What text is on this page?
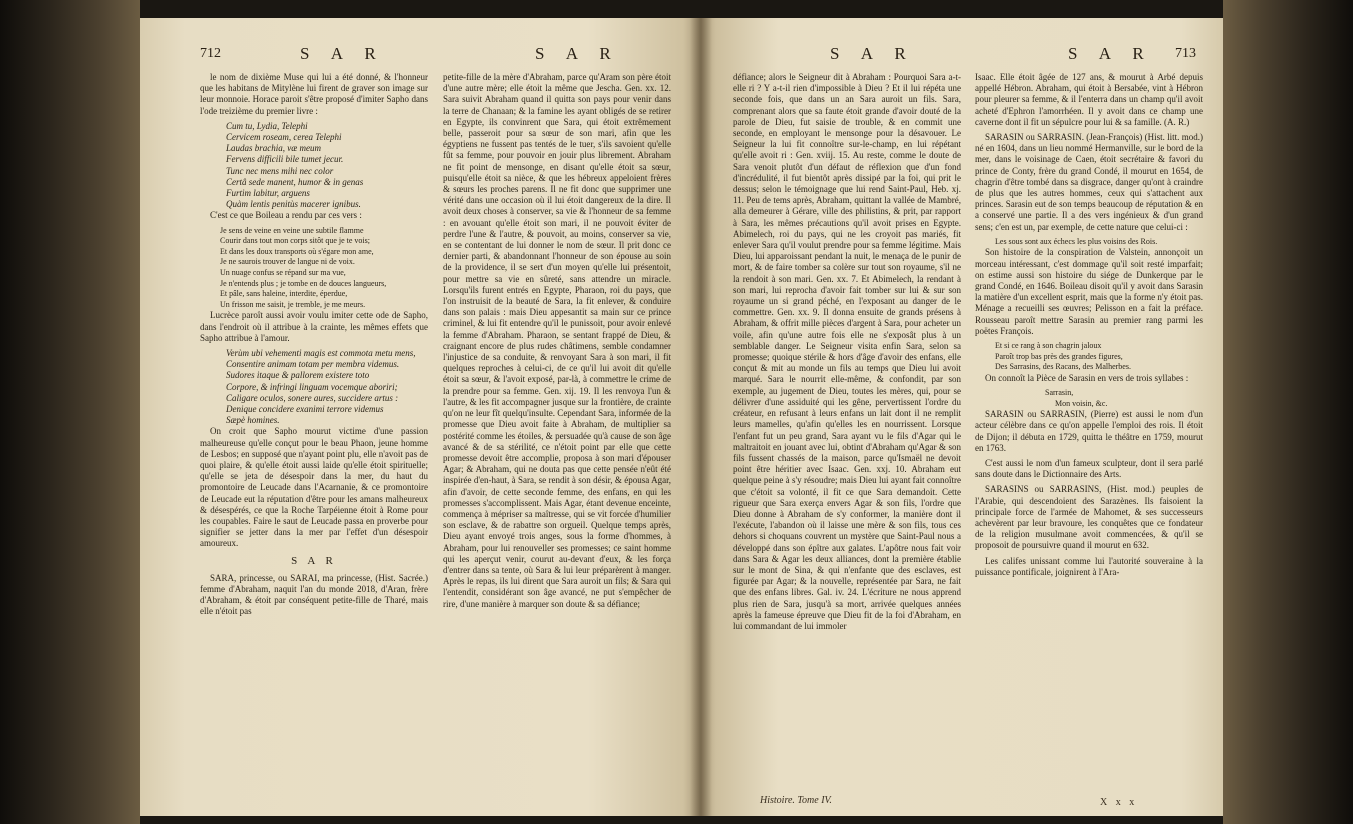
712	S A R	S A R

le nom de dixième Muse qui lui a été donné, & l'honneur que les habitans de Mitylène lui firent de graver son image sur leur monnoie. Horace paroit s'être proposé d'imiter Sapho dans l'ode treizième du premier livre :

Cum tu, Lydia, Telephi
Cervicem roseam, cerea Telephi
Laudas brachia, væ meum
Fervens difficili bile tumet jecur.
Tunc nec mens mihi nec color
Certâ sede manent, humor & in genas
Furtim labitur, arguens
Quàm lentis penitùs macerer ignibus.

C'est ce que Boileau a rendu par ces vers :

Je sens de veine en veine une subtile flamme
Courir dans tout mon corps sitôt que je te vois;
Et dans les doux transports où s'égare mon ame,
Je ne saurois trouver de langue ni de voix.
Un nuage confus se répand sur ma vue,
Je n'entends plus ; je tombe en de douces langueurs,
Et pâle, sans haleine, interdite, éperdue,
Un frisson me saisit, je tremble, je me meurs.

Lucrèce paroît aussi avoir voulu imiter cette ode de Sapho, dans l'endroit où il attribue à la crainte, les mêmes effets que Sapho attribue à l'amour.

Verùm ubi vehementi magis est commota metu mens,
Consentire animam totam per membra videmus.
Sudores itaque & pallorem existere toto
Corpore, & infringi linguam vocemque aboriri;
Caligare oculos, sonere aures, succidere artus :
Denique concidere exanimi terrore videmus
Sæpè homines.

On croit que Sapho mourut victime d'une passion malheureuse qu'elle conçut pour le beau Phaon, jeune homme de Lesbos; en supposé que n'ayant point plu, elle n'avoit pas de quoi plaire, & qu'elle étoit aussi laide qu'elle étoit spirituelle; qu'elle se jeta de désespoir dans la mer, du haut du promontoire de Leucade dans l'Acarnanie, & ce promontoire de Leucade eut la réputation d'être pour les amans malheureux & désespérés, ce que la Roche Tarpéienne étoit à Rome pour les coupables. Faire le saut de Leucade passa en proverbe pour signifier se jetter dans la mer par l'effet d'un désespoir amoureux.

S A R

SARA, princesse, ou SARAI, ma princesse, (Hist. Sacrée.) femme d'Abraham, naquit l'an du monde 2018, d'Aran, frère d'Abraham, & étoit par conséquent petite-fille de Tharé, mais elle n'étoit pas

petite-fille de la mère d'Abraham, parce qu'Aram son père étoit d'une autre mère; elle étoit la même que Jescha. Gen. xx. 12. Sara suivit Abraham quand il quitta son pays pour venir dans la terre de Chanaan; & la famine les ayant obligés de se retirer en Egypte, ils convinrent que Sara, qui étoit extrêmement belle, passeroit pour sa sœur de son mari, afin que les égyptiens ne fussent pas tentés de le tuer, s'ils savoient qu'elle fût sa femme, pour pouvoir en jouir plus librement. Abraham ne fit point de mensonge, en disant qu'elle étoit sa sœur, puisqu'elle étoit sa nièce, & que les hébreux appeloient frères & sœurs les proches parens. Il ne fit donc que supprimer une vérité dans une occasion où il lui étoit dangereux de la dire. Il avoit deux choses à conserver, sa vie & l'honneur de sa femme : en avouant qu'elle étoit son mari, il ne pouvoit éviter de perdre l'une & l'autre, & pouvoit, au moins, conserver sa vie, en se contentant de lui donner le nom de sœur. Il prit donc ce dernier parti, & abandonnant l'honneur de son épouse au soin de la providence, il se sert d'un moyen qu'elle lui présentoit, pour mettre sa vie en sûreté, sans attendre un miracle. Lorsqu'ils furent entrés en Egypte, Pharaon, roi du pays, que l'on instruisit de la beauté de Sara, la fit enlever, & conduire dans son palais : mais Dieu appesantit sa main sur ce prince criminel, & lui fit entendre qu'il le punissoit, pour avoir enlevé la femme d'Abraham. Pharaon, se sentant frappé de Dieu, & craignant encore de plus rudes châtimens, semble condamner l'injustice de sa conduite, & renvoyant Sara à son mari, il fit quelques reproches à celui-ci, de ce qu'il lui avoit dit qu'elle étoit sa sœur, & l'avoit exposé, par-là, à commettre le crime de la prendre pour sa femme. Gen. xij. 19. Il les renvoya l'un & l'autre, & les fit accompagner jusque sur la frontière, de crainte qu'on ne leur fît quelqu'insulte. Cependant Sara, informée de la promesse que Dieu avoit faite à Abraham, de multiplier sa postérité comme les étoiles, & persuadée qu'à cause de son âge avancé & de sa stérilité, ce n'étoit point par elle que cette promesse devoit être accomplie, proposa à son mari d'épouser Agar; & Abraham, qui ne douta pas que cette pensée n'eût été inspirée d'en-haut, à Sara, se rendit à son désir, & épousa Agar, afin d'avoir, de cette seconde femme, des enfans, en qui les promesses s'accomplissent. Mais Agar, étant devenue enceinte, commença à mépriser sa maîtresse, qui se vit forcée d'humilier son esclave, & de rabattre son orgueil. Quelque temps après, Dieu ayant envoyé trois anges, sous la forme d'hommes, à Abraham, pour lui renouveller ses promesses; ce saint homme qui les aperçut venir, courut au-devant d'eux, & les força d'entrer dans sa tente, où Sara & lui leur préparèrent à manger. Après le repas, ils lui dirent que Sara auroit un fils; & Sara qui l'entendit, considérant son âge avancé, ne put s'empêcher de rire, d'une manière à marquer son doute & sa défiance;

S A R	S A R 713

défiance; alors le Seigneur dit à Abraham : Pourquoi Sara a-t-elle ri ? Y a-t-il rien d'impossible à Dieu ? Et il lui répéta une seconde fois, que dans un an Sara auroit un fils. Sara, comprenant alors que sa faute étoit grande d'avoir douté de la parole de Dieu, fut saisie de trouble, & en commit une seconde, en employant le mensonge pour la désavouer. Le Seigneur la lui fit connoître sur-le-champ, en lui répétant qu'elle avoit ri : Gen. xviij. 15. Au reste, comme le doute de Sara venoit plutôt d'un défaut de réflexion que d'un fond d'incrédulité, il fut bientôt après dissipé par la foi, qui prit le dessus; selon le témoignage que lui rend Saint-Paul, Heb. xj. 11. Peu de tems après, Abraham, quittant la vallée de Mambré, alla demeurer à Gérare, ville des philistins, & prit, par rapport à Sara, les mêmes précautions qu'il avoit prises en Egypte. Abimelech, roi du pays, qui ne les croyoit pas mariés, fit enlever Sara qu'il voulut prendre pour sa femme légitime. Mais Dieu, lui apparoissant pendant la nuit, le menaça de le punir de mort, & de faire tomber sa colère sur tout son royaume, s'il ne la rendoit à son mari. Gen. xx. 7. Et Abimelech, la rendant à son mari, lui reprocha d'avoir fait tomber sur lui & sur son royaume un si grand péché, en l'exposant au danger de le commettre. Gen. xx. 9. Il donna ensuite de grands présens à Abraham, & offrit mille pièces d'argent à Sara, pour acheter un voile, afin qu'une autre fois elle ne s'exposât plus à un semblable danger. Le Seigneur visita enfin Sara, selon sa promesse; quoique stérile & hors d'âge d'avoir des enfans, elle conçut & mit au monde un fils au temps que Dieu lui avoit marqué. Sara le nourrit elle-même, & confondit, par son exemple, au jugement de Dieu, toutes les mères, qui, pour se délivrer d'une assiduité qui les gêne, pervertissent l'ordre du créateur, en refusant à leurs enfans un lait dont il ne remplit leurs mamelles, qu'afin qu'elles les en nourrissent. Lorsque l'enfant fut un peu grand, Sara ayant vu le fils d'Agar qui le maltraitoit en jouant avec lui, obtint d'Abraham qu'Agar & son fils fussent chassés de la maison, parce qu'Ismaël ne devoit point être héritier avec Isaac. Gen. xxj. 10. Abraham eut quelque peine à s'y résoudre; mais Dieu lui ayant fait connoître que c'étoit sa volonté, il fit ce que Sara demandoit. Cette rigueur que Sara exerça envers Agar & son fils, l'ordre que Dieu donne à Abraham de s'y conformer, la manière dont il l'exécute, l'abandon où il laisse une mère & son fils, tous ces dehors si choquans couvrent un mystère que Saint-Paul nous a développé dans son épître aux galates. L'apôtre nous fait voir dans Sara & Agar les deux alliances, dont la première établie sur le mont de Sina, & qui n'enfante que des esclaves, est figurée par Agar; & la nouvelle, représentée par Sara, ne fait que des enfans libres. Gal. iv. 24. L'écriture ne nous apprend plus rien de Sara, jusqu'à sa mort, arrivée quelques années après la fameuse épreuve que Dieu fit de la foi d'Abraham, en lui commandant de lui immoler

Isaac. Elle étoit âgée de 127 ans, & mourut à Arbé depuis appellé Hébron. Abraham, qui étoit à Bersabée, vint à Hébron pour pleurer sa femme, & il l'enterra dans un champ qu'il avoit acheté d'Ephron l'amorrhéen. Il y avoit dans ce champ une caverne dont il fit un sépulcre pour lui & sa famille. (A. R.)

SARASIN ou SARRASIN. (Jean-François) (Hist. litt. mod.) né en 1604, dans un lieu nommé Hermanville, sur le bord de la mer, dans le voisinage de Caen, étoit secrétaire & favori du prince de Conty, frère du grand Condé, il mourut en 1654, de chagrin d'être tombé dans sa disgrace, danger qu'ont à craindre de plus que les autres hommes, ceux qui s'attachent aux princes. Sarasin eut de son temps beaucoup de réputation & en a conservé une partie. Il a des vers ingénieux & d'un grand sens; c'en est un, par exemple, de cette nature que celui-ci :

Les sous sont aux échecs les plus voisins des Rois.

Son histoire de la conspiration de Valstein, annonçoit un morceau intéressant, c'est dommage qu'il soit resté imparfait; on estime aussi son histoire du siége de Dunkerque par le grand Condé, en 1646. Boileau disoit qu'il y avoit dans Sarasin la matière d'un excellent esprit, mais que la forme n'y étoit pas. Ménage a recueilli ses œuvres; Pelisson en a fait la préface. Rousseau paroît mettre Sarasin au premier rang parmi les poëtes François.

Et si ce rang à son chagrin jaloux
Paroît trop bas près des grandes figures,
Des Sarrasins, des Racans, des Malherbes.

On connoît la Pièce de Sarasin en vers de trois syllabes :

Sarrasin,
Mon voisin, &c.

SARASIN ou SARRASIN, (Pierre) est aussi le nom d'un acteur célèbre dans ce qu'on appelle l'emploi des rois. Il étoit de Dijon; il débuta en 1729, quitta le théâtre en 1759, mourut en 1763.

C'est aussi le nom d'un fameux sculpteur, dont il sera parlé sans doute dans le Dictionnaire des Arts.

SARASINS ou SARRASINS, (Hist. mod.) peuples de l'Arabie, qui descendoient des Sarazènes. Ils faisoient la principale force de l'armée de Mahomet, & ses successeurs achevèrent par leur bravoure, les conquêtes que ce fondateur de la religion musulmane avoit commencées, & qu'il se proposoit de poursuivre quand il mourut en 632.

Les califes unissant comme lui l'autorité souveraine à la puissance pontificale, joignirent à l'Ara-

Histoire. Tome IV.	X x x
